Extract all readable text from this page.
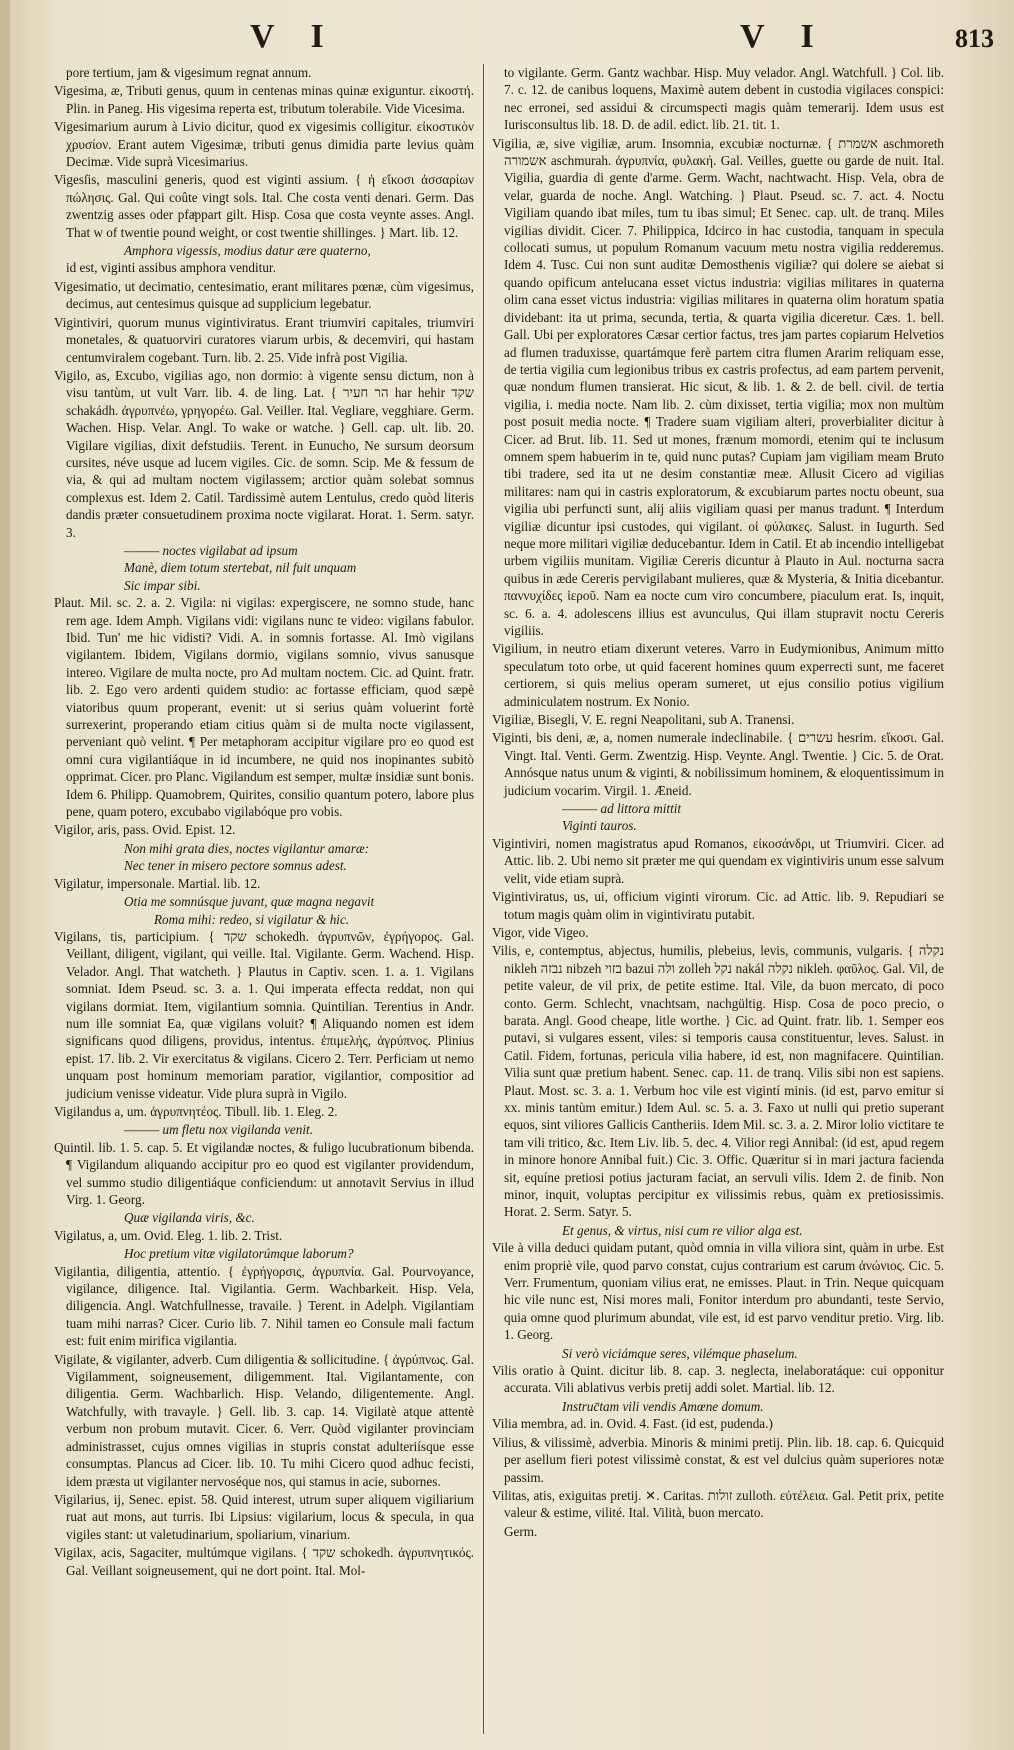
V I	V I	813

pore tertium, jam & vigesimum regnat annum.

Vigesima, æ, Tributi genus, quum in centenas minas quinæ exiguntur. εἰκοστή. Plin. in Paneg. His vigesima reperta est, tributum tolerabile. Vide Vicesima.

Vigesimarium aurum à Livio dicitur, quod ex vigesimis colligitur. εἰκοστικὸν χρυσίον. Erant autem Vigesimæ, tributi genus dimidia parte levius quàm Decimæ. Vide suprà Vicesimarius.

Vigesſis, masculini generis, quod est viginti assium. { ἡ εἴκοσι ἀσσαρίων πώλησις. Gal. Qui coûte vingt sols. Ital. Che costa venti denari. Germ. Das zwentzig asses oder pfaͤppart gilt. Hisp. Cosa que costa veynte asses. Angl. That w of twentie pound weight, or cost twentie shillinges. } Mart. lib. 12.

Amphora vigessis, modius datur ære quaterno,

id est, viginti assibus amphora venditur.

Vigesimatio, ut decimatio, centesimatio, erant militares pœnæ, cùm vigesimus, decimus, aut centesimus quisque ad supplicium legebatur.

Vigintiviri, quorum munus vigintiviratus. Erant triumviri capitales, triumviri monetales, & quatuorviri curatores viarum urbis, & decemviri, qui hastam centumviralem cogebant. Turn. lib. 2. 25. Vide infrà post Vigilia.

Vigilo, as, Excubo, vigilias ago, non dormio: à vigente sensu dictum, non à visu tantùm, ut vult Varr. lib. 4. de ling. Lat. { הר חעיר har hehir שקד schakádh. ἀγρυπνέω, γρηγορέω. Gal. Veiller. Ital. Vegliare, vegghiare. Germ. Wachen. Hisp. Velar. Angl. To wake or watche. } Gell. cap. ult. lib. 20. Vigilare vigilias, dixit defstudiis. Terent. in Eunucho, Ne sursum deorsum cursites, néve usque ad lucem vigiles. Cic. de somn. Scip. Me & fessum de via, & qui ad multam noctem vigilassem; arctior quàm solebat somnus complexus est. Idem 2. Catil. Tardissimè autem Lentulus, credo quòd literis dandis præter consuetudinem proxima nocte vigilarat. Horat. 1. Serm. satyr. 3.

——— noctes vigilabat ad ipsum

Manè, diem totum stertebat, nil fuit unquam

Sic impar sibi.

Plaut. Mil. sc. 2. a. 2. Vigila: ni vigilas: expergiscere, ne somno stude, hanc rem age. Idem Amph. Vigilans vidi: vigilans nunc te video: vigilans fabulor. Ibid. Tun' me hic vidisti? Vidi. A. in somnis fortasse. Al. Imò vigilans vigilantem. Ibidem, Vigilans dormio, vigilans somnio, vivus sanusque intereo. Vigilare de multa nocte, pro Ad multam noctem. Cic. ad Quint. fratr. lib. 2. Ego vero ardenti quidem studio: ac fortasse efficiam, quod sæpè viatoribus quum properant, evenit: ut si serius quàm voluerint fortè surrexerint, properando etiam citius quàm si de multa nocte vigilassent, perveniant quò velint. ¶ Per metaphoram accipitur vigilare pro eo quod est omni cura vigilantiáque in id incumbere, ne quid nos inopinantes subitò opprimat. Cicer. pro Planc. Vigilandum est semper, multæ insidiæ sunt bonis. Idem 6. Philipp. Quamobrem, Quirites, consilio quantum potero, labore plus pene, quam potero, excubabo vigilabóque pro vobis.

Vigilor, aris, pass. Ovid. Epist. 12.

Non mihi grata dies, noctes vigilantur amaræ:

Nec tener in misero pectore somnus adest.

Vigilatur, impersonale. Martial. lib. 12.

Otia me somnúsque juvant, quæ magna negavit

Roma mihi: redeo, si vigilatur & hic.

Vigilans, tis, participium. { שקד schokedh. ἀγρυπνῶν, ἐγρήγορος. Gal. Veillant, diligent, vigilant, qui veille. Ital. Vigilante. Germ. Wachend. Hisp. Velador. Angl. That watcheth. } Plautus in Captiv. scen. 1. a. 1. Vigilans somniat. Idem Pseud. sc. 3. a. 1. Qui imperata effecta reddat, non qui vigilans dormiat. Item, vigilantium somnia. Quintilian. Terentius in Andr. num ille somniat Ea, quæ vigilans voluit? ¶ Aliquando nomen est idem significans quod diligens, providus, intentus. ἐπιμελής, ἀγρύπνος. Plinius epist. 17. lib. 2. Vir exercitatus & vigilans. Cicero 2. Terr. Perficiam ut nemo unquam post hominum memoriam paratior, vigilantior, compositior ad judicium venisse videatur. Vide plura suprà in Vigilo.

Vigilandus a, um. ἀγρυπνητέος. Tibull. lib. 1. Eleg. 2.

——— um fletu nox vigilanda venit.

Quintil. lib. 1. 5. cap. 5. Et vigilandæ noctes, & fuligo lucubrationum bibenda. ¶ Vigilandum aliquando accipitur pro eo quod est vigilanter providendum, vel summo studio diligentiáque conficiendum: ut annotavit Servius in illud Virg. 1. Georg.

Quæ vigilanda viris, &c.

Vigilatus, a, um. Ovid. Eleg. 1. lib. 2. Trist.

Hoc pretium vitæ vigilatorúmque laborum?

Vigilantia, diligentia, attentio. { ἐγρήγορσις, ἀγρυπνία. Gal. Pourvoyance, vigilance, diligence. Ital. Vigilantia. Germ. Wachbarkeit. Hisp. Vela, diligencia. Angl. Watchfullnesse, travaile. } Terent. in Adelph. Vigilantiam tuam mihi narras? Cicer. Curio lib. 7. Nihil tamen eo Consule mali factum est: fuit enim mirifica vigilantia.

Vigilate, & vigilanter, adverb. Cum diligentia & sollicitudine. { ἀγρύπνως. Gal. Vigilamment, soigneusement, diligemment. Ital. Vigilantamente, con diligentia. Germ. Wachbarlich. Hisp. Velando, diligentemente. Angl. Watchfully, with travayle. } Gell. lib. 3. cap. 14. Vigilatè atque attentè verbum non probum mutavit. Cicer. 6. Verr. Quòd vigilanter provinciam administrasset, cujus omnes vigilias in stupris constat adulteriísque esse consumptas. Plancus ad Cicer. lib. 10. Tu mihi Cicero quod adhuc fecisti, idem præsta ut vigilanter nervoséque nos, qui stamus in acie, subornes.

Vigilarius, ij, Senec. epist. 58. Quid interest, utrum super aliquem vigiliarium ruat aut mons, aut turris. Ibi Lipsius: vigilarium, locus & specula, in qua vigiles stant: ut valetudinarium, spoliarium, vinarium.

Vigilax, acis, Sagaciter, multúmque vigilans. { שקד schokedh. ἀγρυπνητικός. Gal. Veillant soigneusement, qui ne dort point. Ital. Mol-

to vigilante. Germ. Gantz wachbar. Hisp. Muy velador. Angl. Watchfull. } Col. lib. 7. c. 12. de canibus loquens, Maximè autem debent in custodia vigilaces conspici: nec erronei, sed assidui & circumspecti magis quàm temerarij. Idem usus est Iurisconsultus lib. 18. D. de adil. edict. lib. 21. tit. 1.

Vigilia, æ, sive vigiliæ, arum. Insomnia, excubiæ nocturnæ. { אשמרת aschmoreth אשמורה aschmurah. ἀγρυπνία, φυλακή. Gal. Veilles, guette ou garde de nuit. Ital. Vigilia, guardia di gente d'arme. Germ. Wacht, nachtwacht. Hisp. Vela, obra de velar, guarda de noche. Angl. Watching. } Plaut. Pseud. sc. 7. act. 4. Noctu Vigiliam quando ibat miles, tum tu ibas simul; Et Senec. cap. ult. de tranq. Miles vigilias dividit. Cicer. 7. Philippica, Idcirco in hac custodia, tanquam in specula collocati sumus, ut populum Romanum vacuum metu nostra vigilia redderemus. Idem 4. Tusc. Cui non sunt auditæ Demosthenis vigiliæ? qui dolere se aiebat si quando opificum antelucana esset victus industria: vigilias militares in quaterna olim cana esset victus industria: vigilias militares in quaterna olim horatum spatia dividebant: ita ut prima, secunda, tertia, & quarta vigilia diceretur. Cæs. 1. bell. Gall. Ubi per exploratores Cæsar certior factus, tres jam partes copiarum Helvetios ad flumen traduxisse, quartámque ferè partem citra flumen Ararim reliquam esse, de tertia vigilia cum legionibus tribus ex castris profectus, ad eam partem pervenit, quæ nondum flumen transierat. Hic sicut, & lib. 1. & 2. de bell. civil. de tertia vigilia, i. media nocte. Nam lib. 2. cùm dixisset, tertia vigilia; mox non multùm post posuit media nocte. ¶ Tradere suam vigiliam alteri, proverbialiter dicitur à Cicer. ad Brut. lib. 11. Sed ut mones, frænum momordi, etenim qui te inclusum omnem spem habuerim in te, quid nunc putas? Cupiam jam vigiliam meam Bruto tibi tradere, sed ita ut ne desim constantiæ meæ. Allusit Cicero ad vigilias militares: nam qui in castris exploratorum, & excubiarum partes noctu obeunt, sua vigilia ubi perfuncti sunt, alij aliis vigiliam quasi per manus tradunt. ¶ Interdum vigiliæ dicuntur ipsi custodes, qui vigilant. οἱ φύλακες. Salust. in Iugurth. Sed neque more militari vigiliæ deducebantur. Idem in Catil. Et ab incendio intelligebat urbem vigiliis munitam. Vigiliæ Cereris dicuntur à Plauto in Aul. nocturna sacra quibus in æde Cereris pervigilabant mulieres, quæ & Mysteria, & Initia dicebantur. παννυχίδες ἱεροῦ. Nam ea nocte cum viro concumbere, piaculum erat. Is, inquit, sc. 6. a. 4. adolescens illius est avunculus, Qui illam stupravit noctu Cereris vigiliis.

Vigilium, in neutro etiam dixerunt veteres. Varro in Eudymionibus, Animum mitto speculatum toto orbe, ut quid facerent homines quum experrecti sunt, me faceret certiorem, si quis melius operam sumeret, ut ejus consilio potius vigilium adminiculatem nostrum. Ex Nonio.

Vigiliæ, Bisegli, V. E. regni Neapolitani, sub A. Tranensi.

Viginti, bis deni, æ, a, nomen numerale indeclinabile. { עשרים hesrim. εἴκοσι. Gal. Vingt. Ital. Venti. Germ. Zwentzig. Hisp. Veynte. Angl. Twentie. } Cic. 5. de Orat. Annósque natus unum & viginti, & nobilissimum hominem, & eloquentissimum in judicium vocarim. Virgil. 1. Æneid.

——— ad littora mittit

Viginti tauros.

Vigintiviri, nomen magistratus apud Romanos, εἰκοσάνδρι, ut Triumviri. Cicer. ad Attic. lib. 2. Ubi nemo sit præter me qui quendam ex vigintiviris unum esse salvum velit, vide etiam suprà.

Vigintiviratus, us, ui, officium viginti virorum. Cic. ad Attic. lib. 9. Repudiari se totum magis quàm olim in vigintiviratu putabit.

Vigor, vide Vigeo.

Vilis, e, contemptus, abjectus, humilis, plebeius, levis, communis, vulgaris. { נקלה nikleh נבזה nibzeh בזוי bazui ולה zolleh נקל nakál נקלה nikleh. φαῦλος. Gal. Vil, de petite valeur, de vil prix, de petite estime. Ital. Vile, da buon mercato, di poco conto. Germ. Schlecht, vnachtsam, nachgültig. Hisp. Cosa de poco precio, o barata. Angl. Good cheape, litle worthe. } Cic. ad Quint. fratr. lib. 1. Semper eos putavi, si vulgares essent, viles: si temporis causa constituentur, leves. Salust. in Catil. Fidem, fortunas, pericula vilia habere, id est, non magnifacere. Quintilian. Vilia sunt quæ pretium habent. Senec. cap. 11. de tranq. Vilis sibi non est sapiens. Plaut. Most. sc. 3. a. 1. Verbum hoc vile est vigintí minis. (id est, parvo emitur si xx. minis tantùm emitur.) Idem Aul. sc. 5. a. 3. Faxo ut nulli qui pretio superant equos, sint viliores Gallicis Cantheriis. Idem Mil. sc. 3. a. 2. Miror lolio victitare te tam vili tritico, &c. Item Liv. lib. 5. dec. 4. Vilior regi Annibal: (id est, apud regem in minore honore Annibal fuit.) Cic. 3. Offic. Quæritur si in mari jactura facienda sit, equíne pretiosi potius jacturam faciat, an servuli vilis. Idem 2. de finib. Non minor, inquit, voluptas percipitur ex vilissimis rebus, quàm ex pretiosissimis. Horat. 2. Serm. Satyr. 5.

Et genus, & virtus, nisi cum re vilior alga est.

Vile à villa deduci quidam putant, quòd omnia in villa viliora sint, quàm in urbe. Est enim propriè vile, quod parvo constat, cujus contrarium est carum ἀνώνιος. Cic. 5. Verr. Frumentum, quoniam vilius erat, ne emisses. Plaut. in Trin. Neque quicquam hic vile nunc est, Nisi mores mali, Fonitor interdum pro abundanti, teste Servio, quia omne quod plurimum abundat, vile est, id est parvo venditur pretio. Virg. lib. 1. Georg.

Si verò viciámque seres, vilémque phaselum.

Vilis oratio à Quint. dicitur lib. 8. cap. 3. neglecta, inelaboratáque: cui opponitur accurata. Vili ablativus verbis pretij addi solet. Martial. lib. 12.

Instruc̄tam vili vendis Amœne domum.

Vilia membra, ad. in. Ovid. 4. Fast. (id est, pudenda.)

Vilius, & vilissimè, adverbia. Minoris & minimi pretij. Plin. lib. 18. cap. 6. Quicquid per asellum fieri potest vilissimè constat, & est vel dulcius quàm superiores notæ passim.

Vilitas, atis, exiguitas pretij. ✕. Caritas. זולות zulloth. εὐτέλεια. Gal. Petit prix, petite valeur & estime, vilité. Ital. Vilità, buon mercato.

Germ.
